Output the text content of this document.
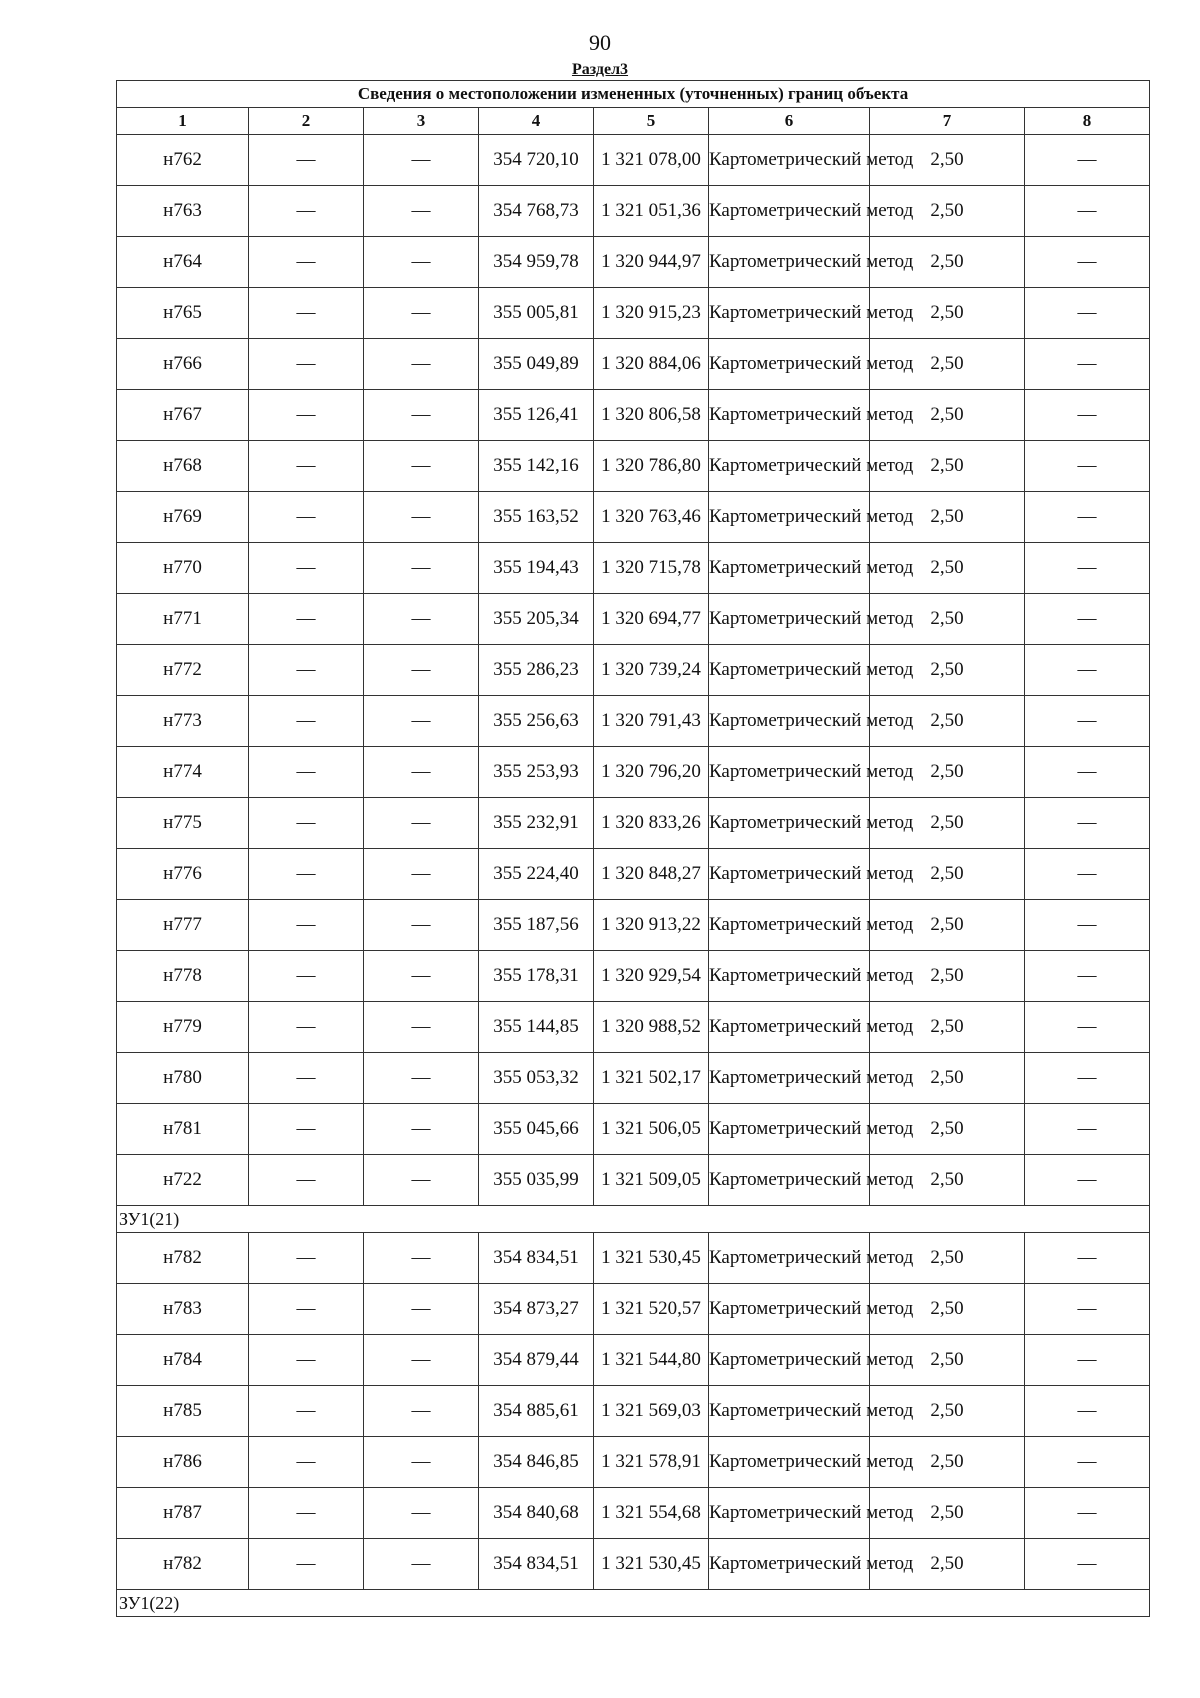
90
Раздел3
Сведения о местоположении измененных (уточненных) границ объекта							
1	2	3	4	5	6	7	8
н762	—	—	354 720,10	1 321 078,00	Картометрический метод	2,50	—
н763	—	—	354 768,73	1 321 051,36	Картометрический метод	2,50	—
н764	—	—	354 959,78	1 320 944,97	Картометрический метод	2,50	—
н765	—	—	355 005,81	1 320 915,23	Картометрический метод	2,50	—
н766	—	—	355 049,89	1 320 884,06	Картометрический метод	2,50	—
н767	—	—	355 126,41	1 320 806,58	Картометрический метод	2,50	—
н768	—	—	355 142,16	1 320 786,80	Картометрический метод	2,50	—
н769	—	—	355 163,52	1 320 763,46	Картометрический метод	2,50	—
н770	—	—	355 194,43	1 320 715,78	Картометрический метод	2,50	—
н771	—	—	355 205,34	1 320 694,77	Картометрический метод	2,50	—
н772	—	—	355 286,23	1 320 739,24	Картометрический метод	2,50	—
н773	—	—	355 256,63	1 320 791,43	Картометрический метод	2,50	—
н774	—	—	355 253,93	1 320 796,20	Картометрический метод	2,50	—
н775	—	—	355 232,91	1 320 833,26	Картометрический метод	2,50	—
н776	—	—	355 224,40	1 320 848,27	Картометрический метод	2,50	—
н777	—	—	355 187,56	1 320 913,22	Картометрический метод	2,50	—
н778	—	—	355 178,31	1 320 929,54	Картометрический метод	2,50	—
н779	—	—	355 144,85	1 320 988,52	Картометрический метод	2,50	—
н780	—	—	355 053,32	1 321 502,17	Картометрический метод	2,50	—
н781	—	—	355 045,66	1 321 506,05	Картометрический метод	2,50	—
н722	—	—	355 035,99	1 321 509,05	Картометрический метод	2,50	—
ЗУ1(21)							
н782	—	—	354 834,51	1 321 530,45	Картометрический метод	2,50	—
н783	—	—	354 873,27	1 321 520,57	Картометрический метод	2,50	—
н784	—	—	354 879,44	1 321 544,80	Картометрический метод	2,50	—
н785	—	—	354 885,61	1 321 569,03	Картометрический метод	2,50	—
н786	—	—	354 846,85	1 321 578,91	Картометрический метод	2,50	—
н787	—	—	354 840,68	1 321 554,68	Картометрический метод	2,50	—
н782	—	—	354 834,51	1 321 530,45	Картометрический метод	2,50	—
ЗУ1(22)							
